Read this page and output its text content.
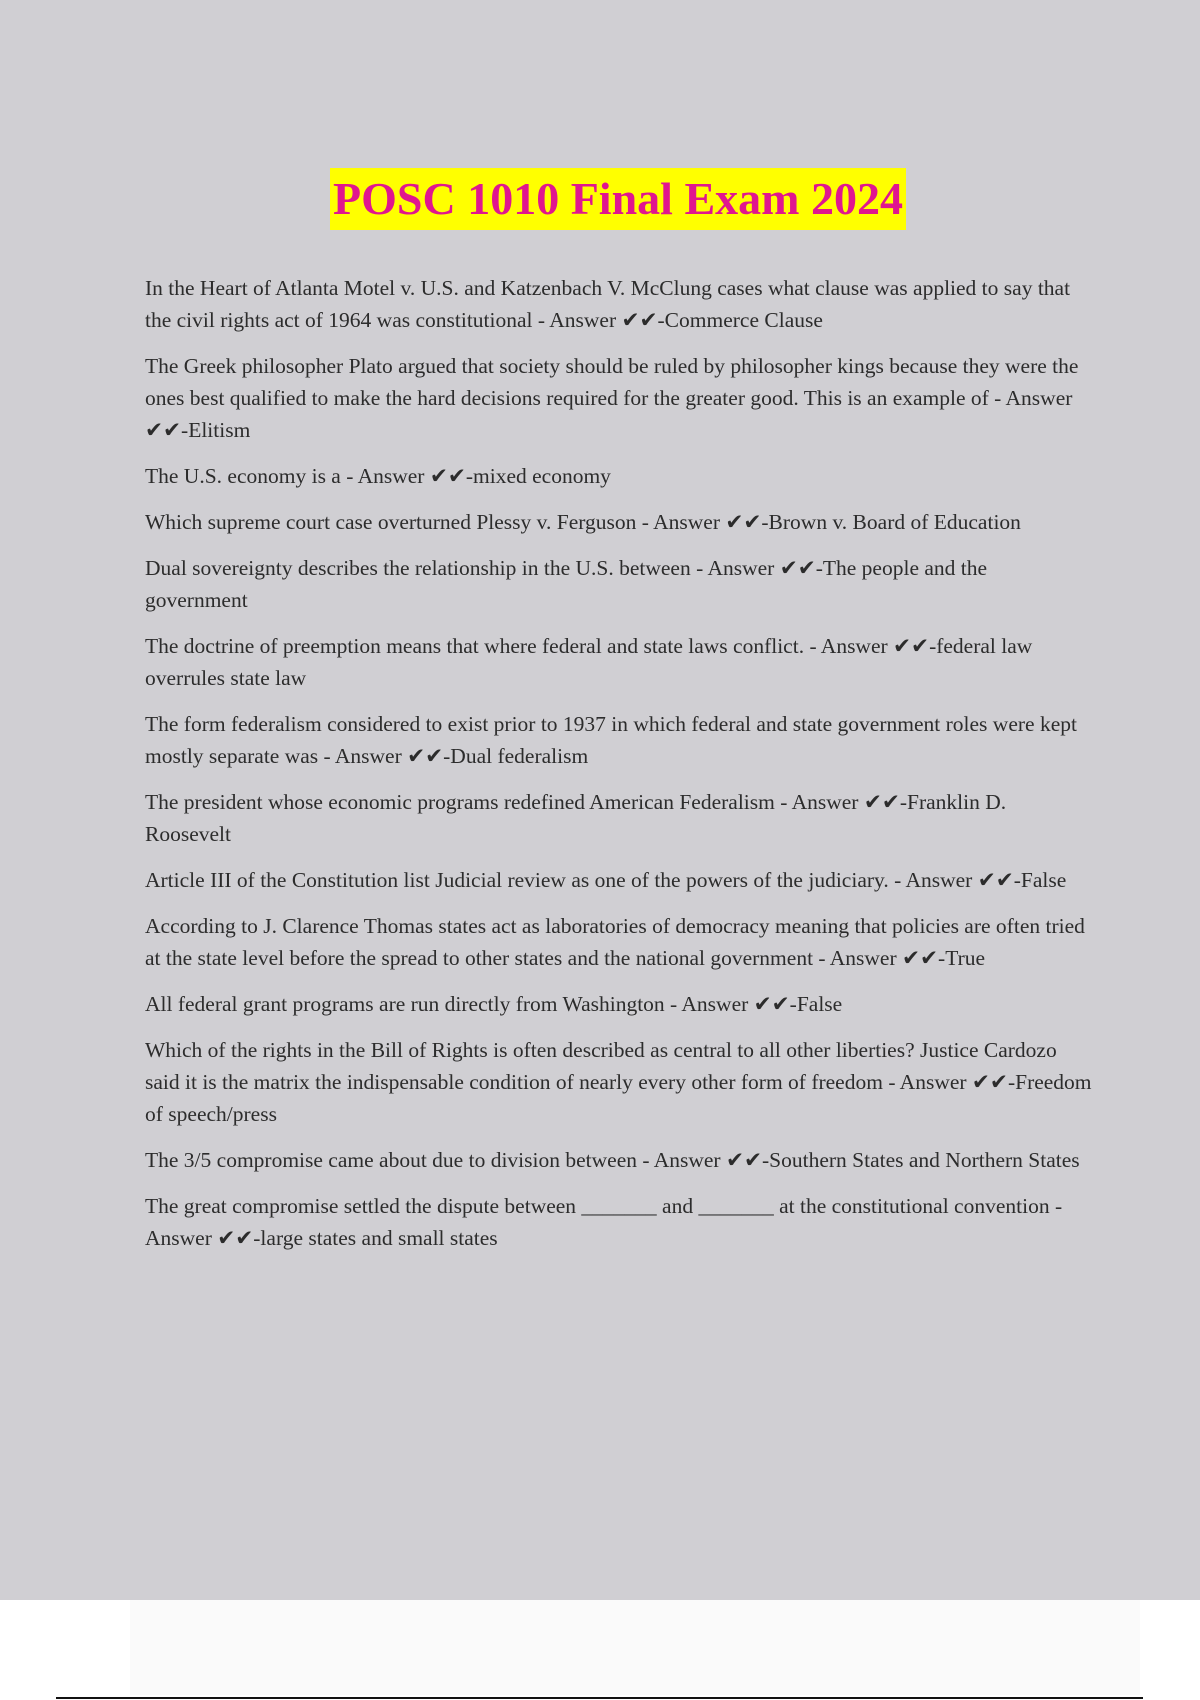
POSC 1010 Final Exam 2024

In the Heart of Atlanta Motel v. U.S. and Katzenbach V. McClung cases what clause was applied to say that the civil rights act of 1964 was constitutional - Answer ✔✔-Commerce Clause

The Greek philosopher Plato argued that society should be ruled by philosopher kings because they were the ones best qualified to make the hard decisions required for the greater good. This is an example of - Answer ✔✔-Elitism

The U.S. economy is a - Answer ✔✔-mixed economy

Which supreme court case overturned Plessy v. Ferguson - Answer ✔✔-Brown v. Board of Education

Dual sovereignty describes the relationship in the U.S. between - Answer ✔✔-The people and the government

The doctrine of preemption means that where federal and state laws conflict. - Answer ✔✔-federal law overrules state law

The form federalism considered to exist prior to 1937 in which federal and state government roles were kept mostly separate was - Answer ✔✔-Dual federalism

The president whose economic programs redefined American Federalism - Answer ✔✔-Franklin D. Roosevelt

Article III of the Constitution list Judicial review as one of the powers of the judiciary. - Answer ✔✔-False

According to J. Clarence Thomas states act as laboratories of democracy meaning that policies are often tried at the state level before the spread to other states and the national government - Answer ✔✔-True

All federal grant programs are run directly from Washington - Answer ✔✔-False

Which of the rights in the Bill of Rights is often described as central to all other liberties? Justice Cardozo said it is the matrix the indispensable condition of nearly every other form of freedom - Answer ✔✔-Freedom of speech/press

The 3/5 compromise came about due to division between - Answer ✔✔-Southern States and Northern States

The great compromise settled the dispute between _______ and _______ at the constitutional convention - Answer ✔✔-large states and small states
